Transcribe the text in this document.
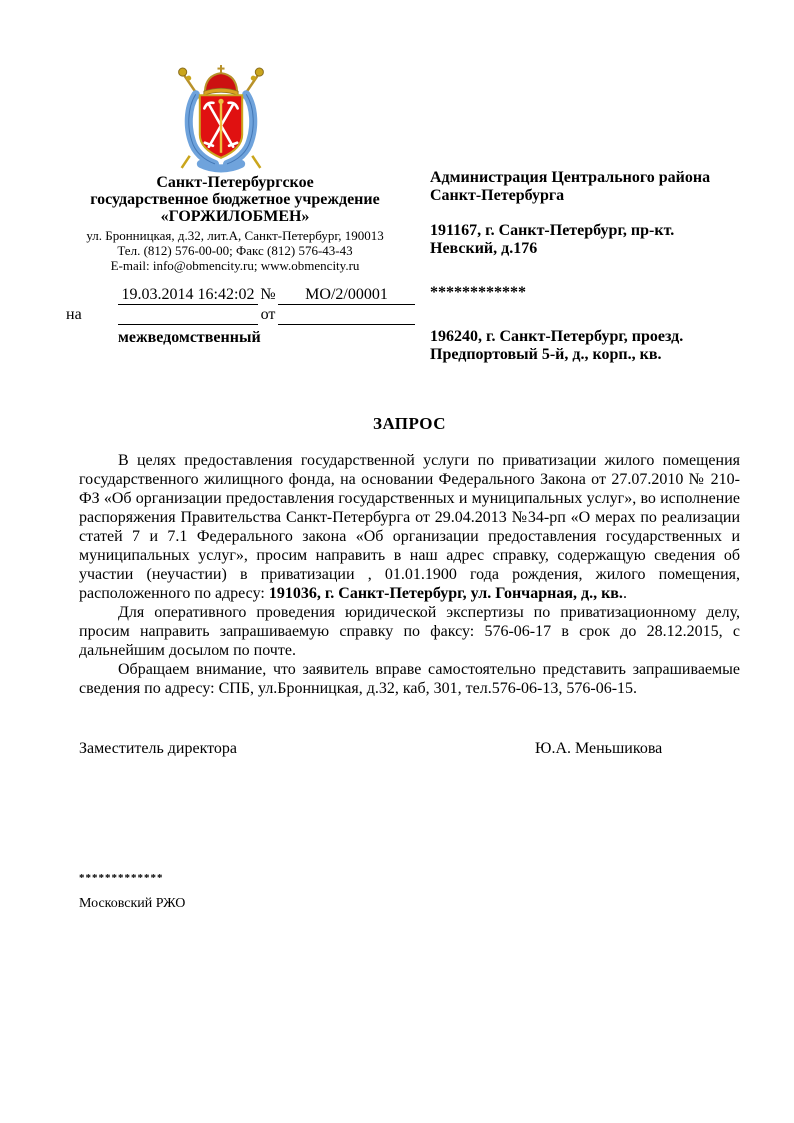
Санкт-Петербургское
государственное бюджетное учреждение
«ГОРЖИЛОБМЕН»
ул. Бронницкая, д.32, лит.А, Санкт-Петербург, 190013
Тел. (812) 576-00-00; Факс (812) 576-43-43
E-mail: info@obmencity.ru; www.obmencity.ru
Администрация Центрального района
Санкт-Петербурга
191167, г. Санкт-Петербург, пр-кт.
Невский, д.176
************
196240, г. Санкт-Петербург, проезд.
Предпортовый 5-й, д., корп., кв.
19.03.2014 16:42:02 №	МО/2/00001
на	от
межведомственный
ЗАПРОС

В целях предоставления государственной услуги по приватизации жилого помещения государственного жилищного фонда, на основании Федерального Закона от 27.07.2010 № 210-ФЗ «Об организации предоставления государственных и муниципальных услуг», во исполнение распоряжения Правительства Санкт-Петербурга от 29.04.2013 №34-рп «О мерах по реализации статей 7 и 7.1 Федерального закона «Об организации предоставления государственных и муниципальных услуг», просим направить в наш адрес справку, содержащую сведения об участии (неучастии) в приватизации , 01.01.1900 года рождения, жилого помещения, расположенного по адресу: 191036, г. Санкт-Петербург, ул. Гончарная, д., кв..

Для оперативного проведения юридической экспертизы по приватизационному делу, просим направить запрашиваемую справку по факсу: 576-06-17 в срок до 28.12.2015, с дальнейшим досылом по почте.

Обращаем внимание, что заявитель вправе самостоятельно представить запрашиваемые сведения по адресу: СПБ, ул.Бронницкая, д.32, каб, 301, тел.576-06-13, 576-06-15.

Заместитель директора	Ю.А. Меньшикова
*************
Московский РЖО
